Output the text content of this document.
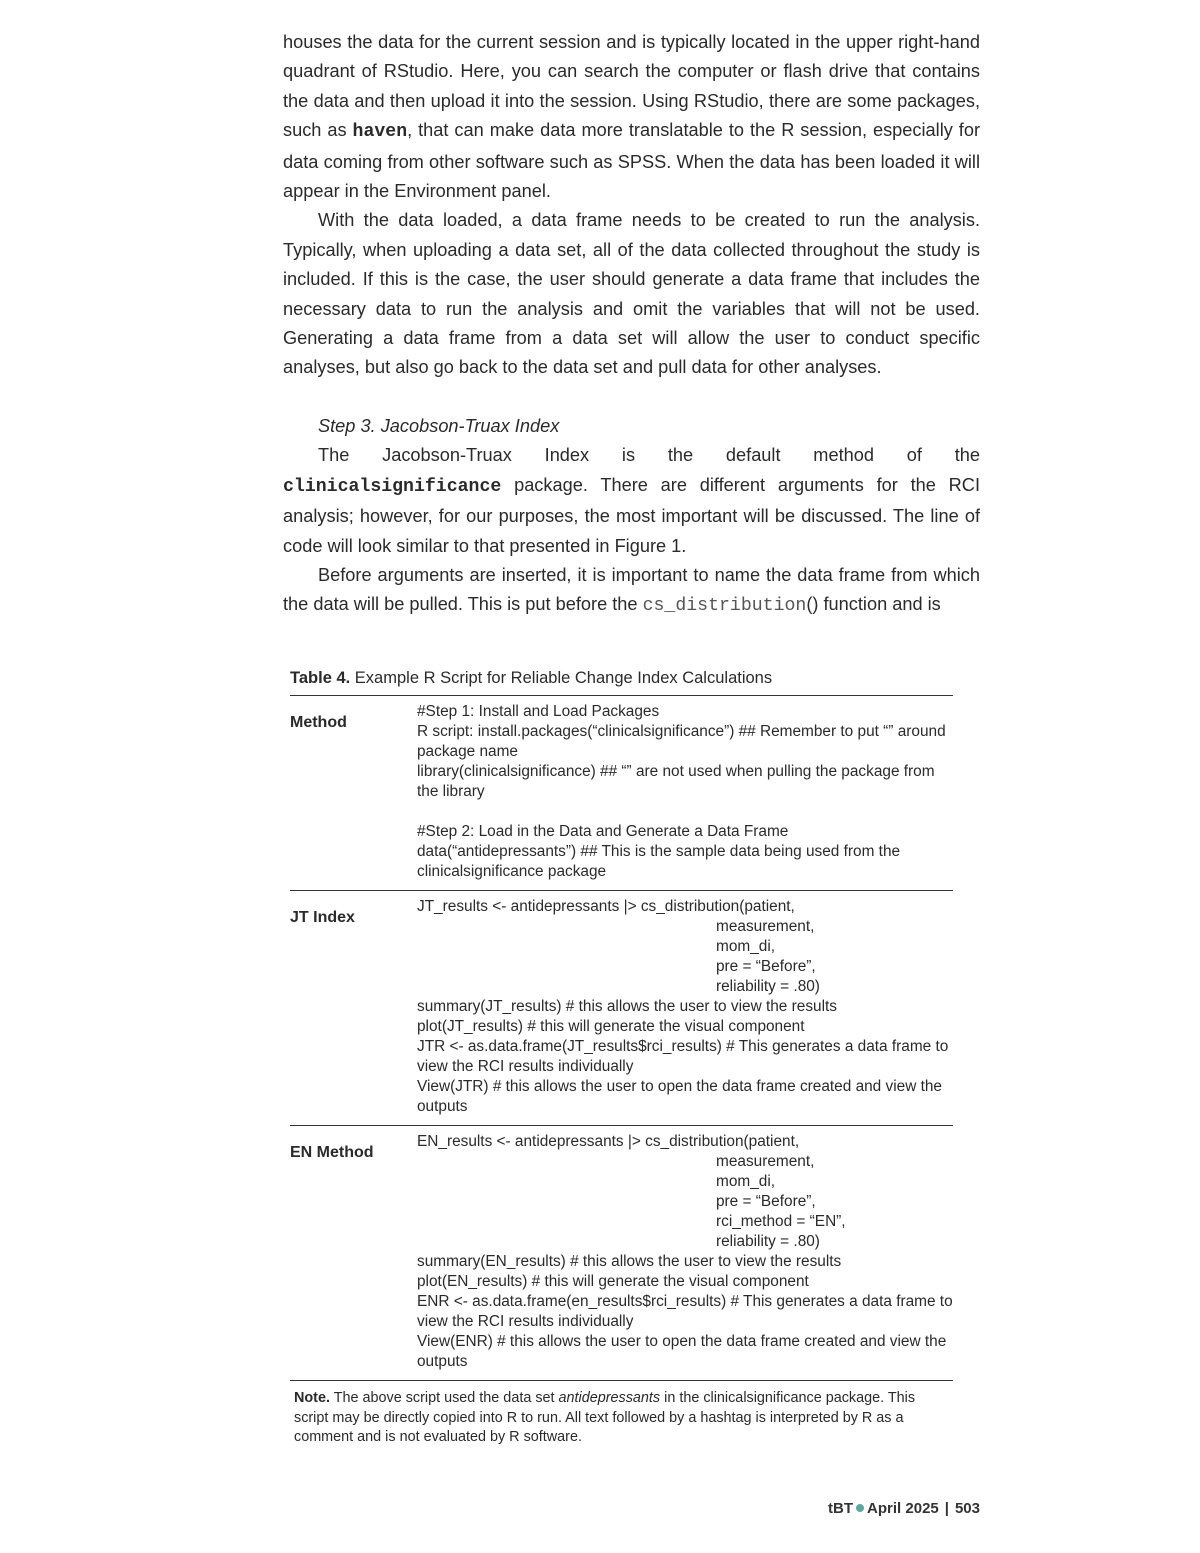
houses the data for the current session and is typically located in the upper right-hand quadrant of RStudio. Here, you can search the computer or flash drive that contains the data and then upload it into the session. Using RStudio, there are some packages, such as haven, that can make data more translatable to the R session, especially for data coming from other software such as SPSS. When the data has been loaded it will appear in the Environment panel.

With the data loaded, a data frame needs to be created to run the analysis. Typically, when uploading a data set, all of the data collected throughout the study is included. If this is the case, the user should generate a data frame that includes the necessary data to run the analysis and omit the variables that will not be used. Generating a data frame from a data set will allow the user to conduct specific analyses, but also go back to the data set and pull data for other analyses.

Step 3. Jacobson-Truax Index

The Jacobson-Truax Index is the default method of the clinicalsignificance package. There are different arguments for the RCI analysis; however, for our purposes, the most important will be discussed. The line of code will look similar to that presented in Figure 1.

Before arguments are inserted, it is important to name the data frame from which the data will be pulled. This is put before the cs_distribution() function and is

Table 4. Example R Script for Reliable Change Index Calculations
Method
#Step 1: Install and Load Packages
R script: install.packages(“clinicalsignificance”) ## Remember to put “” around package name
library(clinicalsignificance) ## “” are not used when pulling the package from the library
#Step 2: Load in the Data and Generate a Data Frame
data(“antidepressants”) ## This is the sample data being used from the clinicalsignificance package
JT Index
JT_results <- antidepressants |> cs_distribution(patient,
measurement,
mom_di,
pre = “Before”,
reliability = .80)
summary(JT_results) # this allows the user to view the results
plot(JT_results) # this will generate the visual component
JTR <- as.data.frame(JT_results$rci_results) # This generates a data frame to view the RCI results individually
View(JTR) # this allows the user to open the data frame created and view the outputs
EN Method
EN_results <- antidepressants |> cs_distribution(patient,
measurement,
mom_di,
pre = “Before”,
rci_method = “EN”,
reliability = .80)
summary(EN_results) # this allows the user to view the results
plot(EN_results) # this will generate the visual component
ENR <- as.data.frame(en_results$rci_results) # This generates a data frame to view the RCI results individually
View(ENR) # this allows the user to open the data frame created and view the outputs
Note. The above script used the data set antidepressants in the clinicalsignificance package. This script may be directly copied into R to run. All text followed by a hashtag is interpreted by R as a comment and is not evaluated by R software.
tBT April 2025 | 503
